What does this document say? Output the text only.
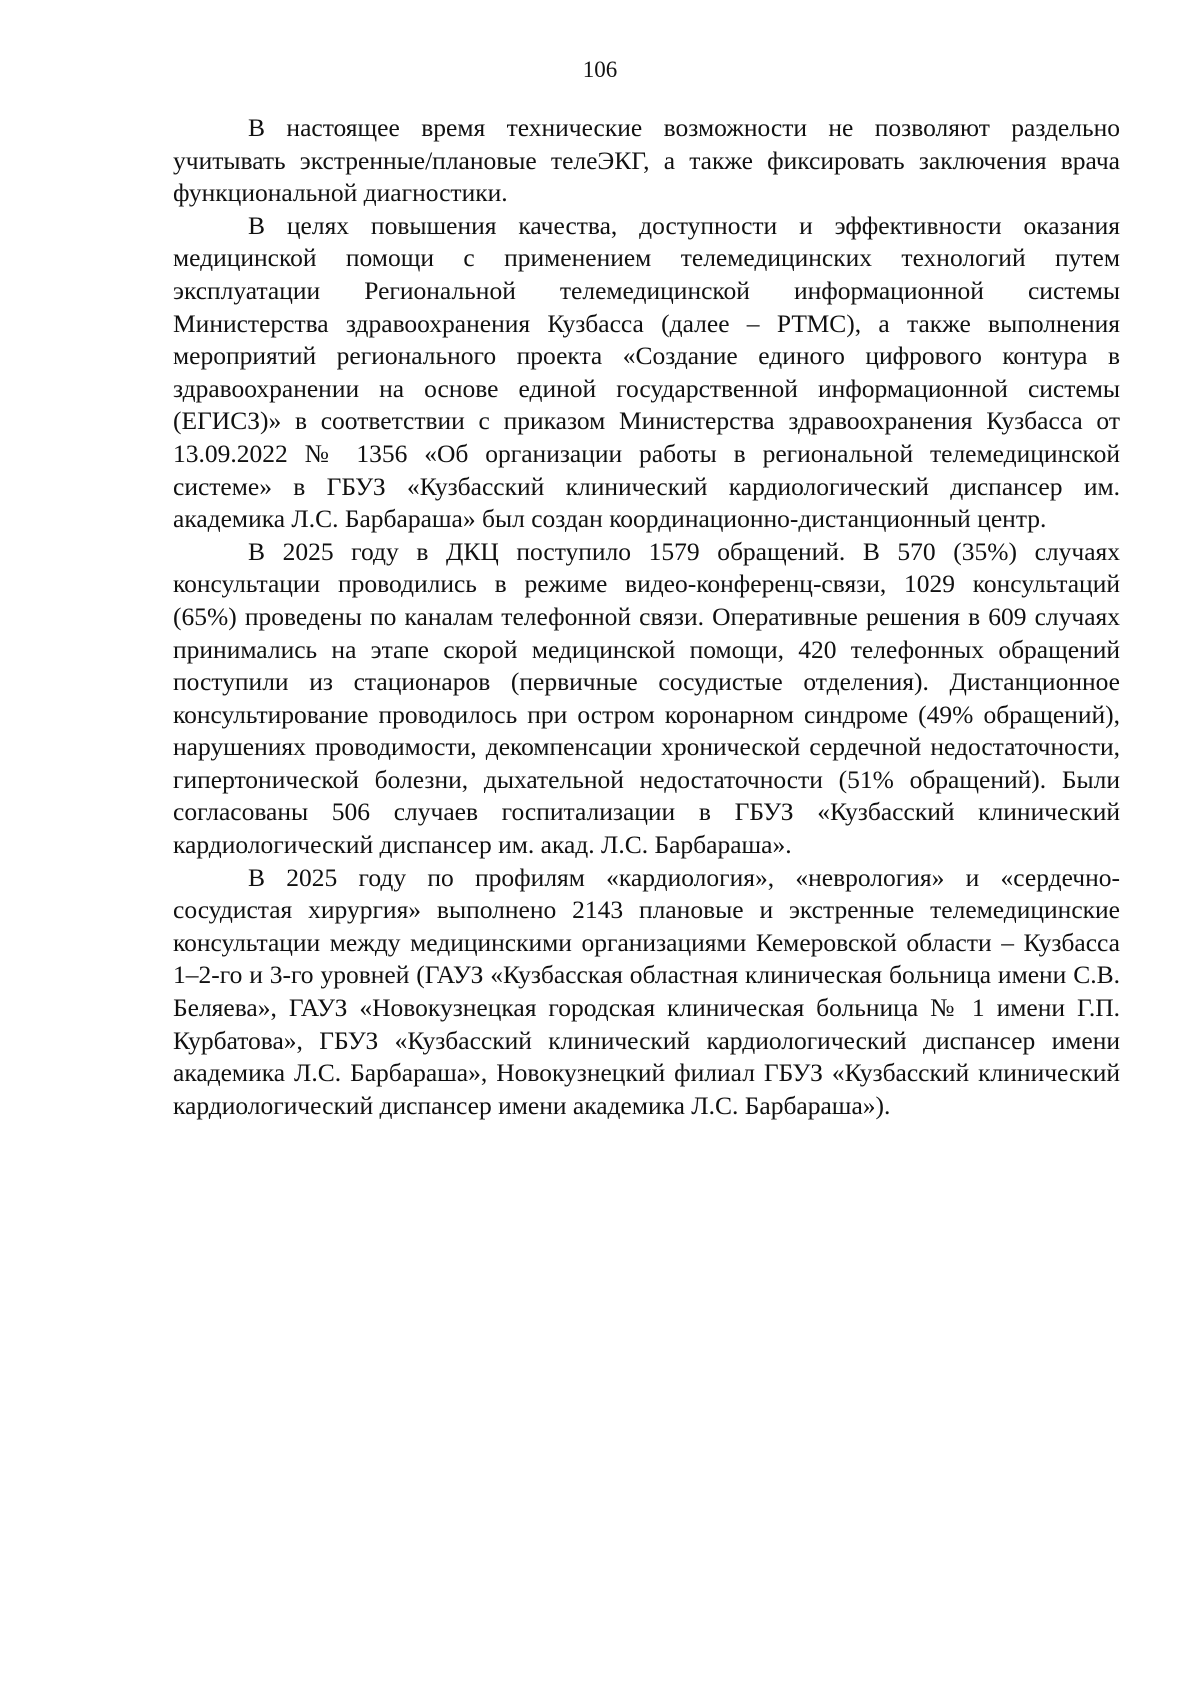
106

В настоящее время технические возможности не позволяют раздельно учитывать экстренные/плановые телеЭКГ, а также фиксировать заключения врача функциональной диагностики.

В целях повышения качества, доступности и эффективности оказания медицинской помощи с применением телемедицинских технологий путем эксплуатации Региональной телемедицинской информационной системы Министерства здравоохранения Кузбасса (далее – РТМС), а также выполнения мероприятий регионального проекта «Создание единого цифрового контура в здравоохранении на основе единой государственной информационной системы (ЕГИСЗ)» в соответствии с приказом Министерства здравоохранения Кузбасса от 13.09.2022 № 1356 «Об организации работы в региональной телемедицинской системе» в ГБУЗ «Кузбасский клинический кардиологический диспансер им. академика Л.С. Барбараша» был создан координационно-дистанционный центр.

В 2025 году в ДКЦ поступило 1579 обращений. В 570 (35%) случаях консультации проводились в режиме видео-конференц-связи, 1029 консультаций (65%) проведены по каналам телефонной связи. Оперативные решения в 609 случаях принимались на этапе скорой медицинской помощи, 420 телефонных обращений поступили из стационаров (первичные сосудистые отделения). Дистанционное консультирование проводилось при остром коронарном синдроме (49% обращений), нарушениях проводимости, декомпенсации хронической сердечной недостаточности, гипертонической болезни, дыхательной недостаточности (51% обращений). Были согласованы 506 случаев госпитализации в ГБУЗ «Кузбасский клинический кардиологический диспансер им. акад. Л.С. Барбараша».

В 2025 году по профилям «кардиология», «неврология» и «сердечно-сосудистая хирургия» выполнено 2143 плановые и экстренные телемедицинские консультации между медицинскими организациями Кемеровской области – Кузбасса 1–2-го и 3-го уровней (ГАУЗ «Кузбасская областная клиническая больница имени С.В. Беляева», ГАУЗ «Новокузнецкая городская клиническая больница № 1 имени Г.П. Курбатова», ГБУЗ «Кузбасский клинический кардиологический диспансер имени академика Л.С. Барбараша», Новокузнецкий филиал ГБУЗ «Кузбасский клинический кардиологический диспансер имени академика Л.С. Барбараша»).
